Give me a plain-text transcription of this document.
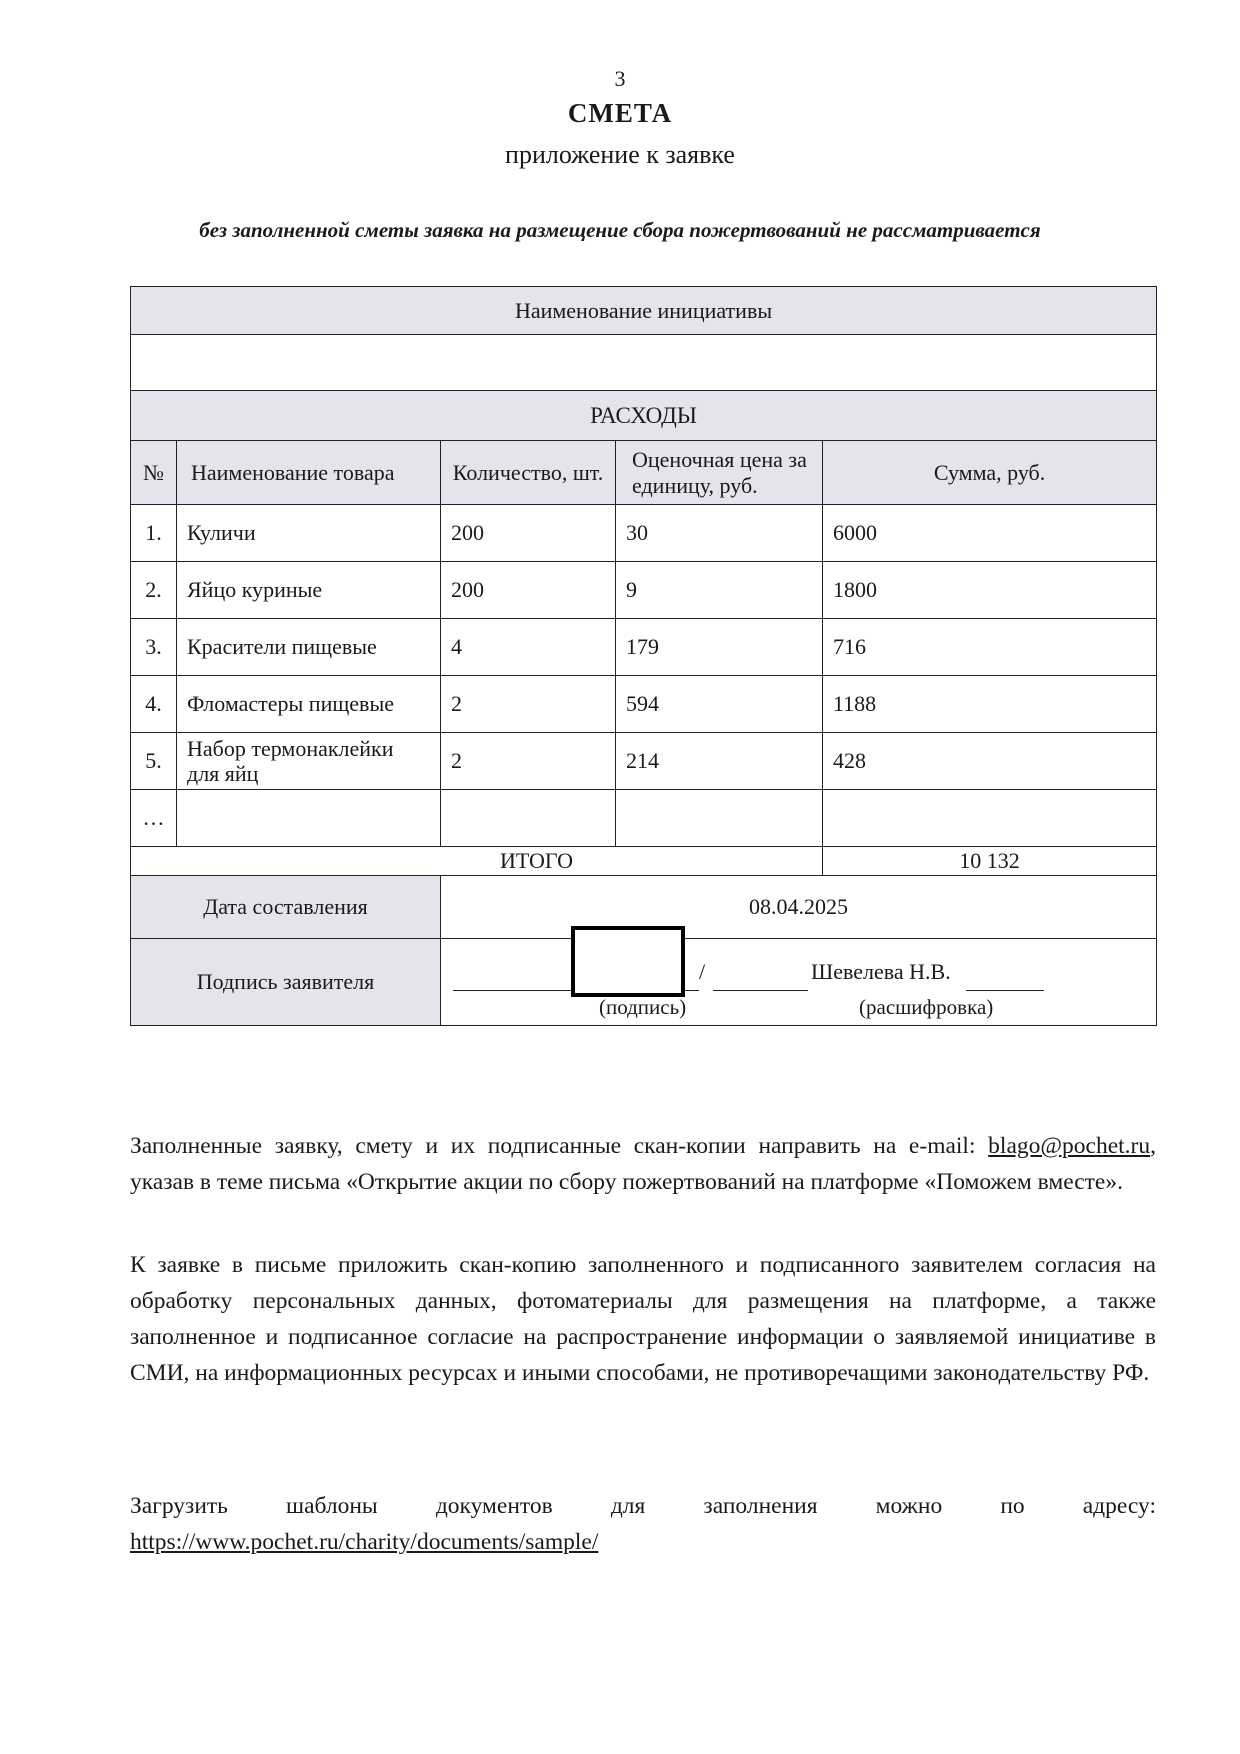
3
СМЕТА
приложение к заявке
без заполненной сметы заявка на размещение сбора пожертвований не рассматривается
Наименование инициативы				

РАСХОДЫ				
№	Наименование товара	Количество, шт.	Оценочная цена за единицу, руб.	Сумма, руб.
1.	Куличи	200	30	6000
2.	Яйцо куриные	200	9	1800
3.	Красители пищевые	4	179	716
4.	Фломастеры пищевые	2	594	1188
5.	Набор термонаклейки для яйц	2	214	428
…				
ИТОГО				10 132
Дата составления		08.04.2025		
Подпись заявителя		/ Шевелева Н.В.
(подпись) (расшифровка)		
Заполненные заявку, смету и их подписанные скан-копии направить на e-mail: blago@pochet.ru, указав в теме письма «Открытие акции по сбору пожертвований на платформе «Поможем вместе».
К заявке в письме приложить скан-копию заполненного и подписанного заявителем согласия на обработку персональных данных, фотоматериалы для размещения на платформе, а также заполненное и подписанное согласие на распространение информации о заявляемой инициативе в СМИ, на информационных ресурсах и иными способами, не противоречащими законодательству РФ.
Загрузить шаблоны документов для заполнения можно по адресу: https://www.pochet.ru/charity/documents/sample/
